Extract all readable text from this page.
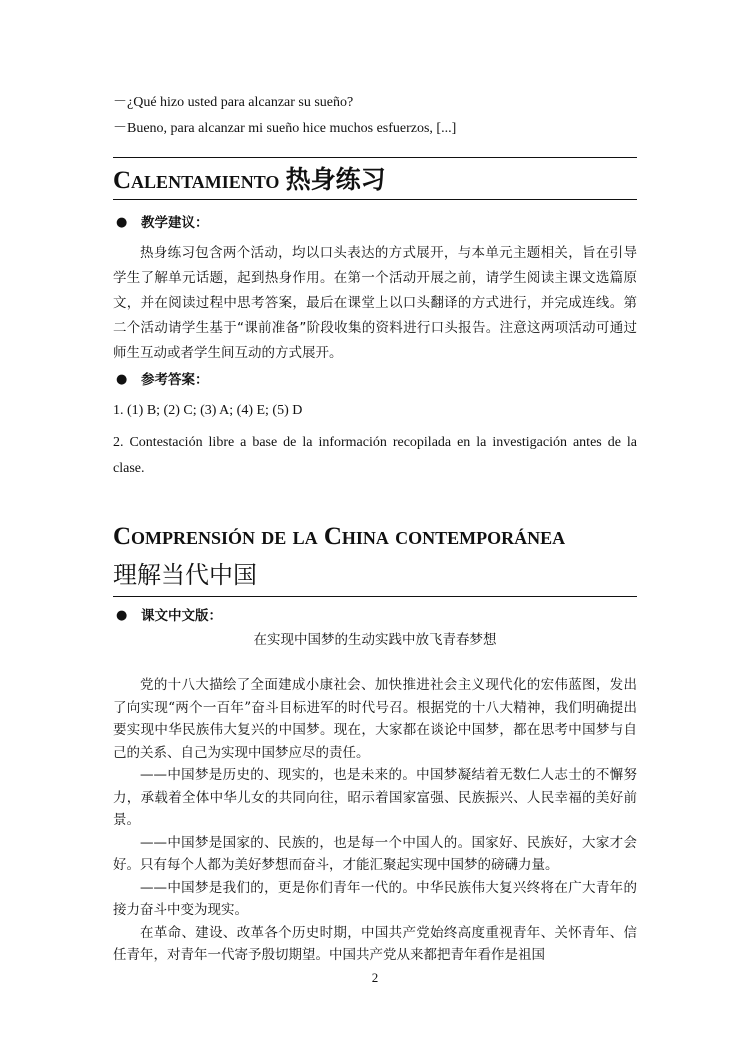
－¿Qué hizo usted para alcanzar su sueño?
－Bueno, para alcanzar mi sueño hice muchos esfuerzos, [...]
Calentamiento 热身练习
● 教学建议：
热身练习包含两个活动，均以口头表达的方式展开，与本单元主题相关，旨在引导学生了解单元话题，起到热身作用。在第一个活动开展之前，请学生阅读主课文选篇原文，并在阅读过程中思考答案，最后在课堂上以口头翻译的方式进行，并完成连线。第二个活动请学生基于“课前准备”阶段收集的资料进行口头报告。注意这两项活动可通过师生互动或者学生间互动的方式展开。
● 参考答案：
1. (1) B; (2) C; (3) A; (4) E; (5) D
2. Contestación libre a base de la información recopilada en la investigación antes de la clase.
Comprensión de la China contemporánea
理解当代中国
● 课文中文版：
在实现中国梦的生动实践中放飞青春梦想

党的十八大描绘了全面建成小康社会、加快推进社会主义现代化的宏伟蓝图，发出了向实现“两个一百年”奋斗目标进军的时代号召。根据党的十八大精神，我们明确提出要实现中华民族伟大复兴的中国梦。现在，大家都在谈论中国梦，都在思考中国梦与自己的关系、自己为实现中国梦应尽的责任。

——中国梦是历史的、现实的，也是未来的。中国梦凝结着无数仁人志士的不懈努力，承载着全体中华儿女的共同向往，昭示着国家富强、民族振兴、人民幸福的美好前景。

——中国梦是国家的、民族的，也是每一个中国人的。国家好、民族好，大家才会好。只有每个人都为美好梦想而奋斗，才能汇聚起实现中国梦的磅礴力量。

——中国梦是我们的，更是你们青年一代的。中华民族伟大复兴终将在广大青年的接力奋斗中变为现实。

在革命、建设、改革各个历史时期，中国共产党始终高度重视青年、关怀青年、信任青年，对青年一代寄予殷切期望。中国共产党从来都把青年看作是祖国

2
